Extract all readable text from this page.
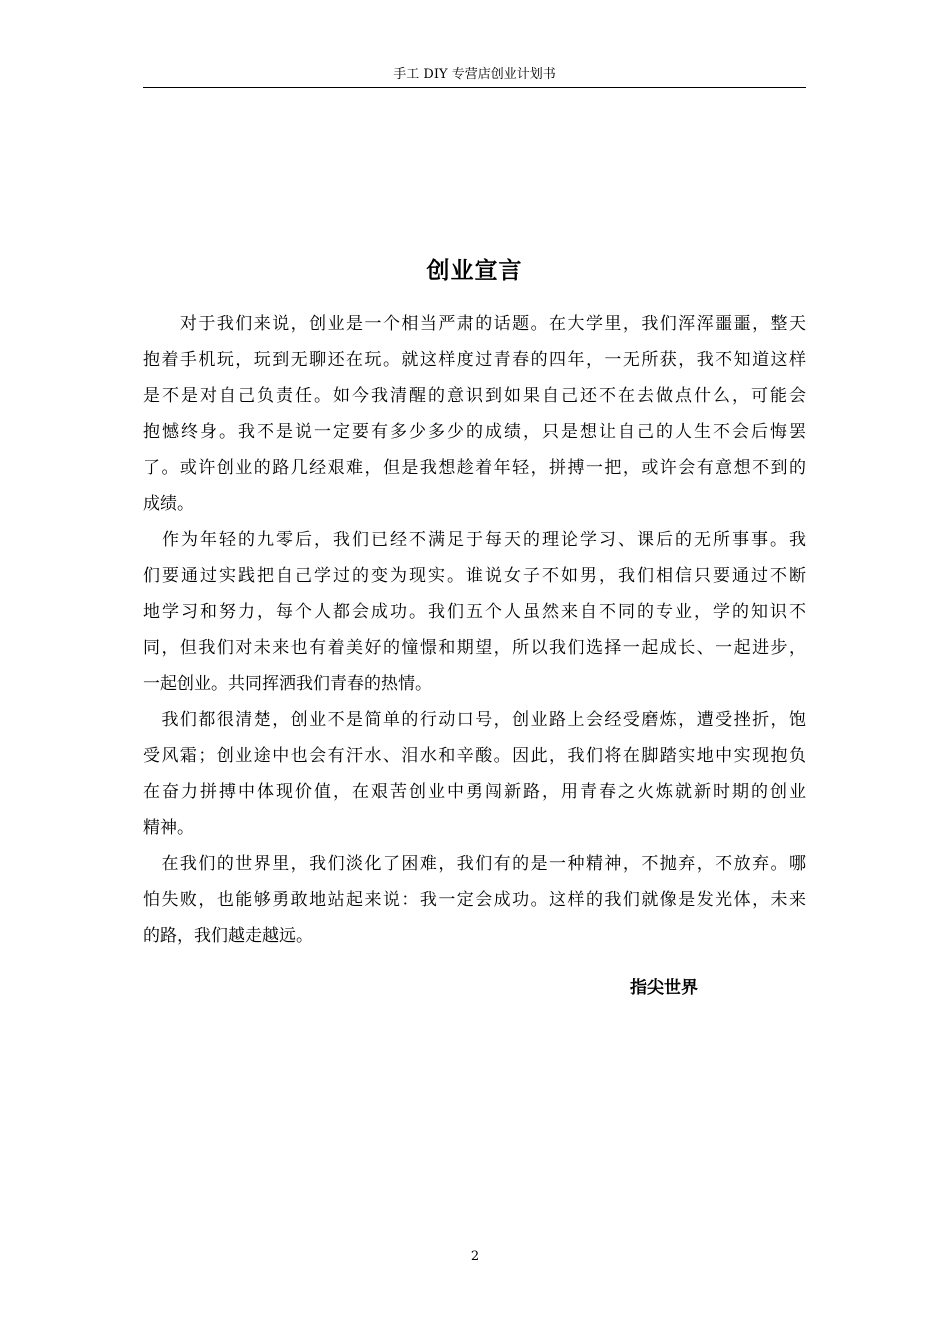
手工 DIY 专营店创业计划书
创业宣言
　　对于我们来说，创业是一个相当严肃的话题。在大学里，我们浑浑噩噩，整天
抱着手机玩，玩到无聊还在玩。就这样度过青春的四年，一无所获，我不知道这样
是不是对自己负责任。如今我清醒的意识到如果自己还不在去做点什么，可能会
抱憾终身。我不是说一定要有多少多少的成绩，只是想让自己的人生不会后悔罢
了。或许创业的路几经艰难，但是我想趁着年轻，拼搏一把，或许会有意想不到的
成绩。
　作为年轻的九零后，我们已经不满足于每天的理论学习、课后的无所事事。我
们要通过实践把自己学过的变为现实。谁说女子不如男，我们相信只要通过不断
地学习和努力，每个人都会成功。我们五个人虽然来自不同的专业，学的知识不
同，但我们对未来也有着美好的憧憬和期望，所以我们选择一起成长、一起进步，
一起创业。共同挥洒我们青春的热情。
　我们都很清楚，创业不是简单的行动口号，创业路上会经受磨炼，遭受挫折，饱
受风霜；创业途中也会有汗水、泪水和辛酸。因此，我们将在脚踏实地中实现抱负
在奋力拼搏中体现价值，在艰苦创业中勇闯新路，用青春之火炼就新时期的创业
精神。
　在我们的世界里，我们淡化了困难，我们有的是一种精神，不抛弃，不放弃。哪
怕失败，也能够勇敢地站起来说：我一定会成功。这样的我们就像是发光体，未来
的路，我们越走越远。
指尖世界
2
